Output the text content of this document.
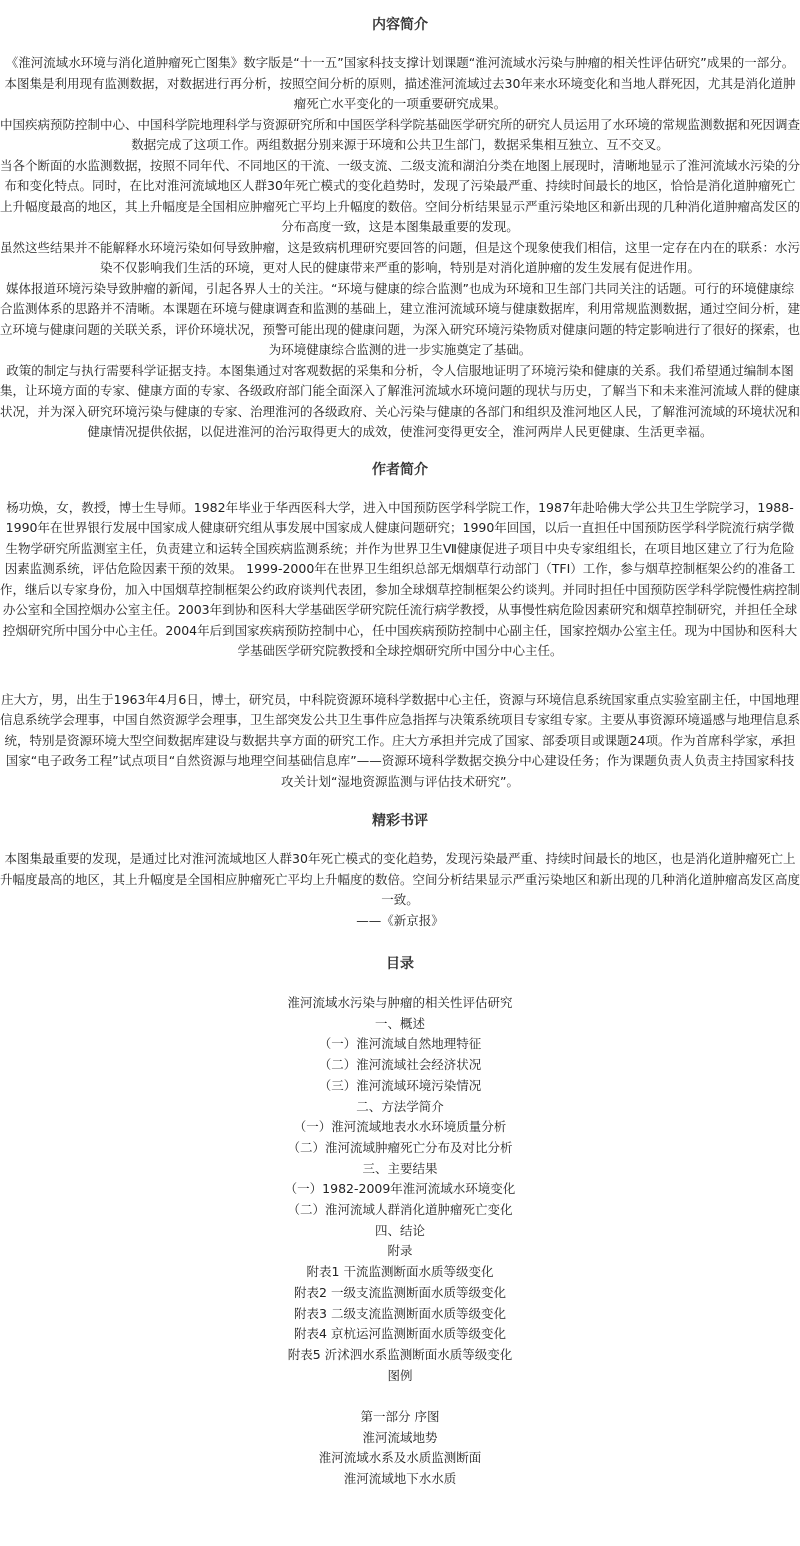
内容简介

《淮河流域水环境与消化道肿瘤死亡图集》数字版是“十一五”国家科技支撑计划课题“淮河流域水污染与肿瘤的相关性评估研究”成果的一部分。本图集是利用现有监测数据，对数据进行再分析，按照空间分析的原则，描述淮河流域过去30年来水环境变化和当地人群死因，尤其是消化道肿瘤死亡水平变化的一项重要研究成果。

中国疾病预防控制中心、中国科学院地理科学与资源研究所和中国医学科学院基础医学研究所的研究人员运用了水环境的常规监测数据和死因调查数据完成了这项工作。两组数据分别来源于环境和公共卫生部门，数据采集相互独立、互不交叉。

当各个断面的水监测数据，按照不同年代、不同地区的干流、一级支流、二级支流和湖泊分类在地图上展现时，清晰地显示了淮河流域水污染的分布和变化特点。同时，在比对淮河流域地区人群30年死亡模式的变化趋势时，发现了污染最严重、持续时间最长的地区，恰恰是消化道肿瘤死亡上升幅度最高的地区，其上升幅度是全国相应肿瘤死亡平均上升幅度的数倍。空间分析结果显示严重污染地区和新出现的几种消化道肿瘤高发区的分布高度一致，这是本图集最重要的发现。

虽然这些结果并不能解释水环境污染如何导致肿瘤，这是致病机理研究要回答的问题，但是这个现象使我们相信，这里一定存在内在的联系：水污染不仅影响我们生活的环境，更对人民的健康带来严重的影响，特别是对消化道肿瘤的发生发展有促进作用。

媒体报道环境污染导致肿瘤的新闻，引起各界人士的关注。“环境与健康的综合监测”也成为环境和卫生部门共同关注的话题。可行的环境健康综合监测体系的思路并不清晰。本课题在环境与健康调查和监测的基础上，建立淮河流域环境与健康数据库，利用常规监测数据，通过空间分析，建立环境与健康问题的关联关系，评价环境状况，预警可能出现的健康问题，为深入研究环境污染物质对健康问题的特定影响进行了很好的探索，也为环境健康综合监测的进一步实施奠定了基础。

政策的制定与执行需要科学证据支持。本图集通过对客观数据的采集和分析，令人信服地证明了环境污染和健康的关系。我们希望通过编制本图集，让环境方面的专家、健康方面的专家、各级政府部门能全面深入了解淮河流域水环境问题的现状与历史，了解当下和未来淮河流域人群的健康状况，并为深入研究环境污染与健康的专家、治理淮河的各级政府、关心污染与健康的各部门和组织及淮河地区人民，了解淮河流域的环境状况和健康情况提供依据，以促进淮河的治污取得更大的成效，使淮河变得更安全，淮河两岸人民更健康、生活更幸福。

作者简介

杨功焕，女，教授，博士生导师。1982年毕业于华西医科大学，进入中国预防医学科学院工作，1987年赴哈佛大学公共卫生学院学习，1988-1990年在世界银行发展中国家成人健康研究组从事发展中国家成人健康问题研究；1990年回国，以后一直担任中国预防医学科学院流行病学微生物学研究所监测室主任，负责建立和运转全国疾病监测系统；并作为世界卫生Ⅶ健康促进子项目中央专家组组长，在项目地区建立了行为危险因素监测系统，评估危险因素干预的效果。 1999-2000年在世界卫生组织总部无烟烟草行动部门（TFI）工作，参与烟草控制框架公约的准备工作，继后以专家身份，加入中国烟草控制框架公约政府谈判代表团，参加全球烟草控制框架公约谈判。并同时担任中国预防医学科学院慢性病控制办公室和全国控烟办公室主任。2003年到协和医科大学基础医学研究院任流行病学教授，从事慢性病危险因素研究和烟草控制研究，并担任全球控烟研究所中国分中心主任。2004年后到国家疾病预防控制中心，任中国疾病预防控制中心副主任，国家控烟办公室主任。现为中国协和医科大学基础医学研究院教授和全球控烟研究所中国分中心主任。

庄大方，男，出生于1963年4月6日，博士，研究员，中科院资源环境科学数据中心主任，资源与环境信息系统国家重点实验室副主任，中国地理信息系统学会理事，中国自然资源学会理事，卫生部突发公共卫生事件应急指挥与决策系统项目专家组专家。主要从事资源环境遥感与地理信息系统，特别是资源环境大型空间数据库建设与数据共享方面的研究工作。庄大方承担并完成了国家、部委项目或课题24项。作为首席科学家，承担国家“电子政务工程”试点项目“自然资源与地理空间基础信息库”——资源环境科学数据交换分中心建设任务；作为课题负责人负责主持国家科技攻关计划“湿地资源监测与评估技术研究”。

精彩书评

本图集最重要的发现，是通过比对淮河流域地区人群30年死亡模式的变化趋势，发现污染最严重、持续时间最长的地区，也是消化道肿瘤死亡上升幅度最高的地区，其上升幅度是全国相应肿瘤死亡平均上升幅度的数倍。空间分析结果显示严重污染地区和新出现的几种消化道肿瘤高发区高度一致。

——《新京报》

目录
淮河流域水污染与肿瘤的相关性评估研究
一、概述
（一）淮河流域自然地理特征
（二）淮河流域社会经济状况
（三）淮河流域环境污染情况
二、方法学简介
（一）淮河流域地表水水环境质量分析
（二）淮河流域肿瘤死亡分布及对比分析
三、主要结果
（一）1982-2009年淮河流域水环境变化
（二）淮河流域人群消化道肿瘤死亡变化
四、结论
附录
附表1 干流监测断面水质等级变化
附表2 一级支流监测断面水质等级变化
附表3 二级支流监测断面水质等级变化
附表4 京杭运河监测断面水质等级变化
附表5 沂沭泗水系监测断面水质等级变化
图例
第一部分 序图
淮河流域地势
淮河流域水系及水质监测断面
淮河流域地下水水质
